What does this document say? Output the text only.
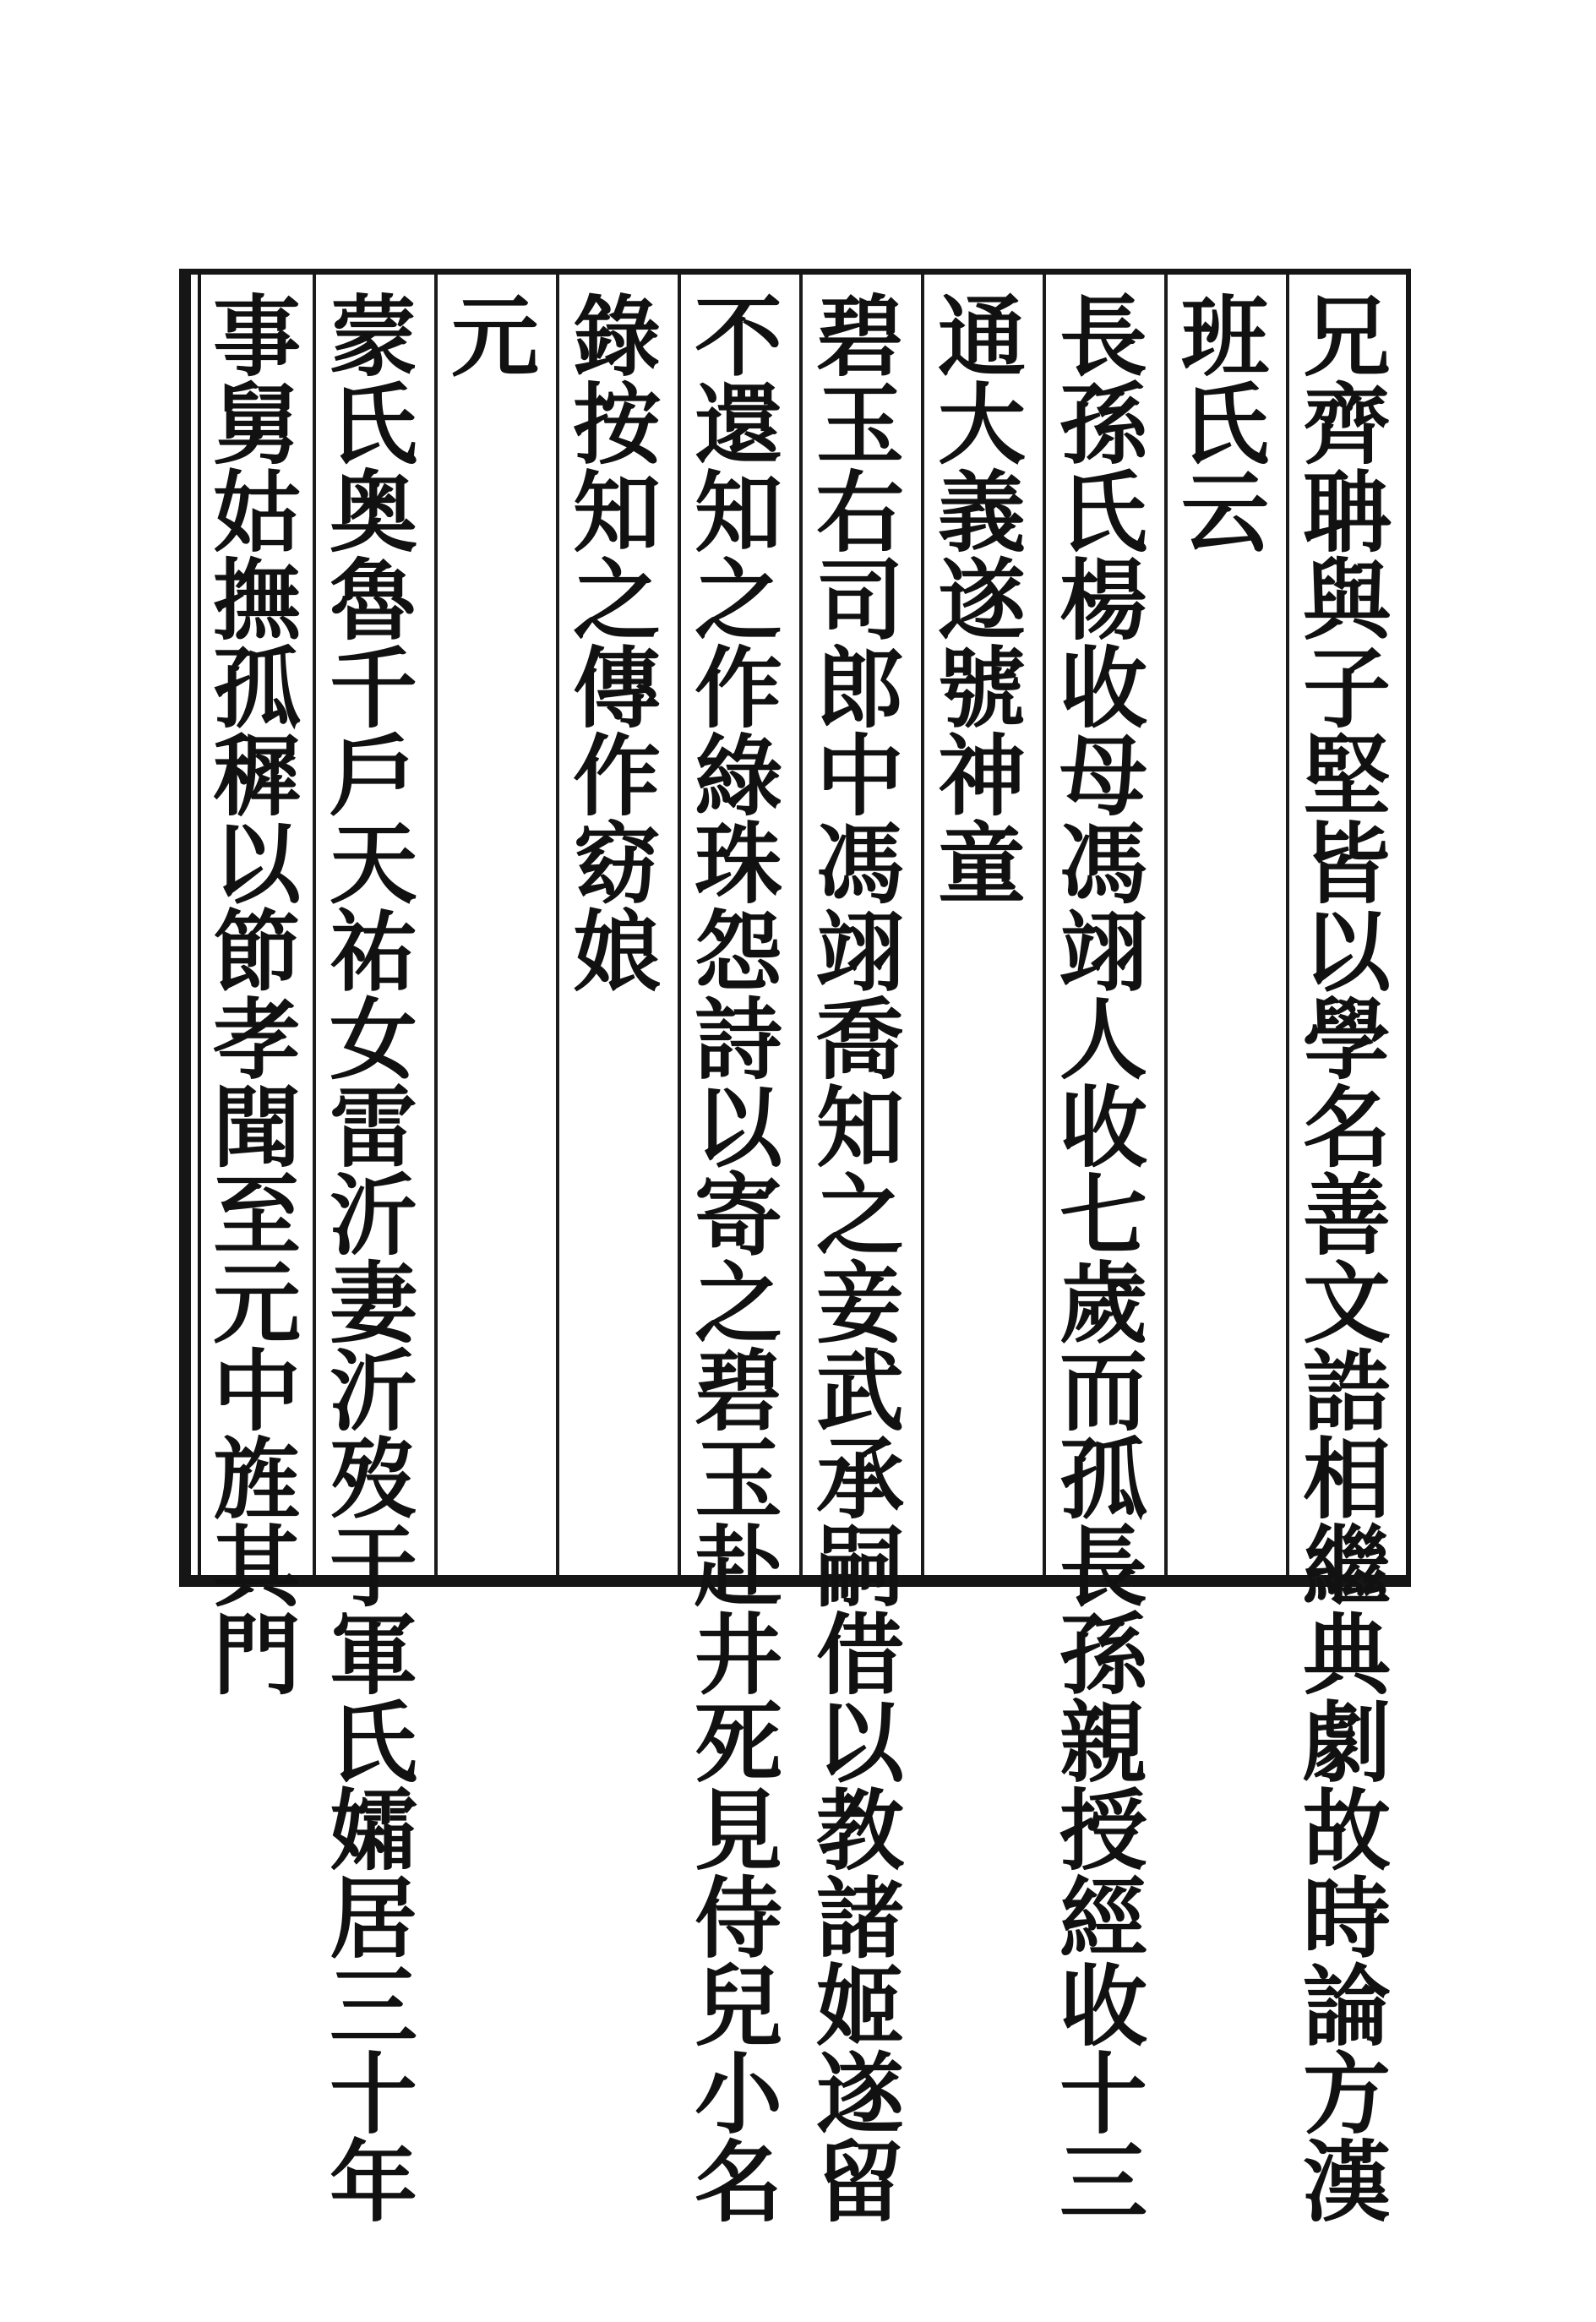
兄
齊
聃
與
子
堅
皆
以
學
名
善
文
誥
相
繼
典
劇
故
時
論
方
漢
班
氏
云
長
孫
氏
楊
收
母
馮
翊
人
收
七
歲
而
孤
長
孫
親
授
經
收
十
三
通
大
義
遂
號
神
童
碧
玉
右
司
郎
中
馮
翊
喬
知
之
妾
武
承
嗣
借
以
教
諸
姬
遂
留
不
還
知
之
作
綠
珠
怨
詩
以
寄
之
碧
玉
赴
井
死
見
侍
兒
小
名
錄
按
知
之
傳
作
窈
娘
元
蒙
氏
奥
魯
千
戶
天
祐
女
雷
沂
妻
沂
歿
于
軍
氏
孀
居
三
十
年
事
舅
姑
撫
孤
穉
以
節
孝
聞
至
元
中
旌
其
門
